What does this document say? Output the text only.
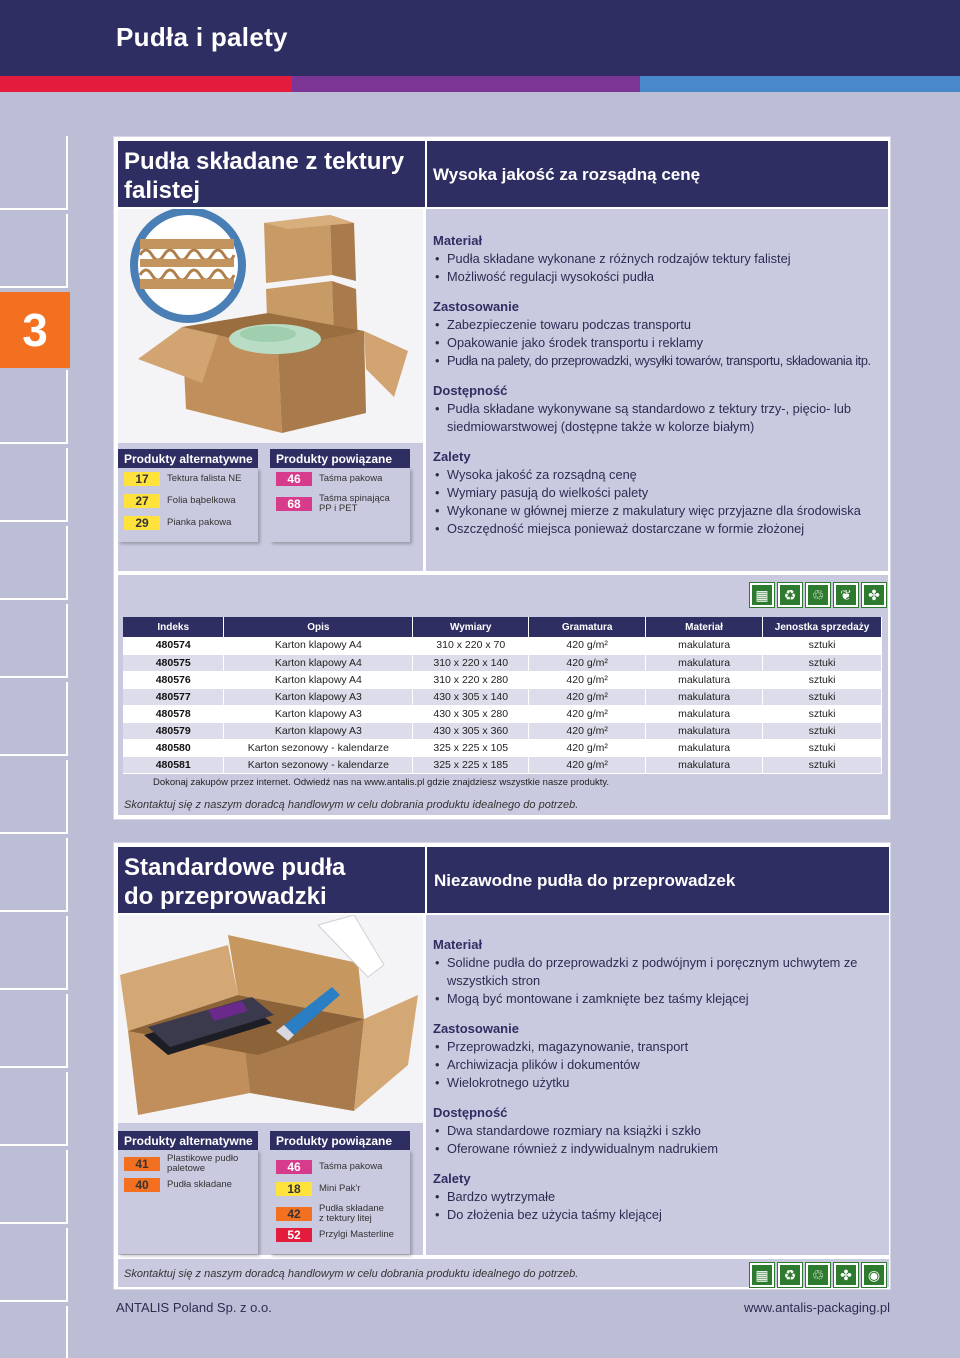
Pudła i palety
3
Pudła składane z tektury
falistej
Wysoka jakość za rozsądną cenę
Produkty alternatywne
17	Tektura falista NE
27	Folia bąbelkowa
29	Pianka pakowa
Produkty powiązane
46	Taśma pakowa
68	Taśma spinająca
PP i PET
Materiał
• Pudła składane wykonane z różnych rodzajów tektury falistej
• Możliwość regulacji wysokości pudła
Zastosowanie
• Zabezpieczenie towaru podczas transportu
• Opakowanie jako środek transportu i reklamy
• Pudła na palety, do przeprowadzki, wysyłki towarów, transportu, składowania itp.
Dostępność
• Pudła składane wykonywane są standardowo z tektury trzy-, pięcio- lub siedmiowarstwowej (dostępne także w kolorze białym)
Zalety
• Wysoka jakość za rozsądną cenę
• Wymiary pasują do wielkości palety
• Wykonane w głównej mierze z makulatury więc przyjazne dla środowiska
• Oszczędność miejsca ponieważ dostarczane w formie złożonej
▦	♻	♲	❦	✤
Indeks	Opis	Wymiary	Gramatura	Materiał	Jenostka sprzedaży
480574	Karton klapowy A4	310 x 220 x 70	420 g/m²	makulatura	sztuki
480575	Karton klapowy A4	310 x 220 x 140	420 g/m²	makulatura	sztuki
480576	Karton klapowy A4	310 x 220 x 280	420 g/m²	makulatura	sztuki
480577	Karton klapowy A3	430 x 305 x 140	420 g/m²	makulatura	sztuki
480578	Karton klapowy A3	430 x 305 x 280	420 g/m²	makulatura	sztuki
480579	Karton klapowy A3	430 x 305 x 360	420 g/m²	makulatura	sztuki
480580	Karton sezonowy - kalendarze	325 x 225 x 105	420 g/m²	makulatura	sztuki
480581	Karton sezonowy - kalendarze	325 x 225 x 185	420 g/m²	makulatura	sztuki
Dokonaj zakupów przez internet. Odwiedź nas na www.antalis.pl gdzie znajdziesz wszystkie nasze produkty.
Skontaktuj się z naszym doradcą handlowym w celu dobrania produktu idealnego do potrzeb.
Standardowe pudła
do przeprowadzki
Niezawodne pudła do przeprowadzek
Produkty alternatywne
41	Plastikowe pudło
paletowe
40	Pudła składane
Produkty powiązane
46	Taśma pakowa
18	Mini Pak'r
42	Pudła składane
z tektury litej
52	Przylgi Masterline
Materiał
• Solidne pudła do przeprowadzki z podwójnym i poręcznym uchwytem ze wszystkich stron
• Mogą być montowane i zamknięte bez taśmy klejącej
Zastosowanie
• Przeprowadzki, magazynowanie, transport
• Archiwizacja plików i dokumentów
• Wielokrotnego użytku
Dostępność
• Dwa standardowe rozmiary na książki i szkło
• Oferowane również z indywidualnym nadrukiem
Zalety
• Bardzo wytrzymałe
• Do złożenia bez użycia taśmy klejącej
Skontaktuj się z naszym doradcą handlowym w celu dobrania produktu idealnego do potrzeb.	▦	♻	♲	✤	◉
ANTALIS Poland Sp. z o.o.	www.antalis-packaging.pl
